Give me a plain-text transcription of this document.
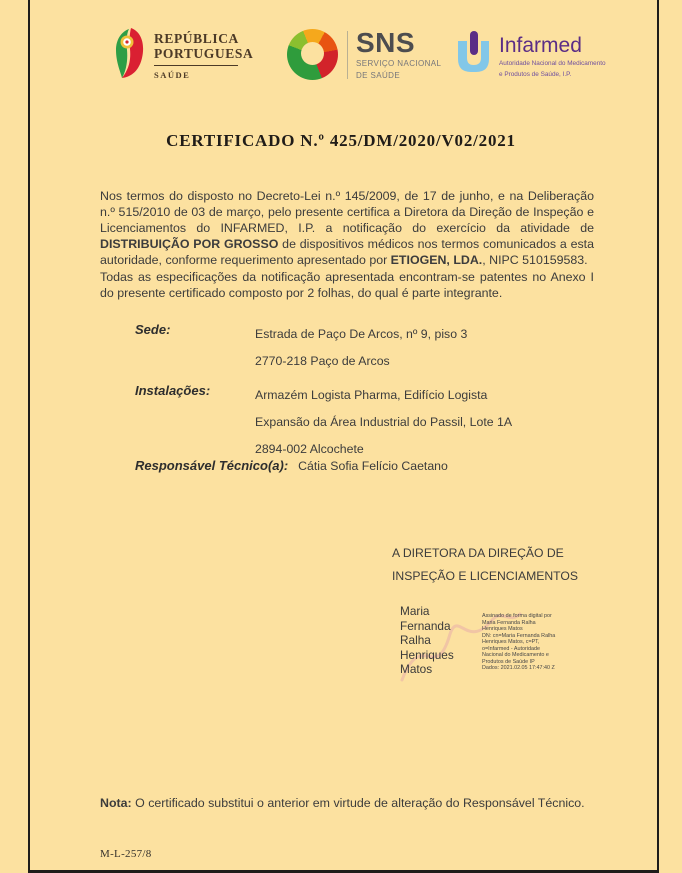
REPÚBLICA
PORTUGUESA
SAÚDE
SNS
SERVIÇO NACIONAL
DE SAÚDE
Infarmed
Autoridade Nacional do Medicamento
e Produtos de Saúde, I.P.
CERTIFICADO N.º 425/DM/2020/V02/2021
Nos termos do disposto no Decreto-Lei n.º 145/2009, de 17 de junho, e na Deliberação n.º 515/2010 de 03 de março, pelo presente certifica a Diretora da Direção de Inspeção e Licenciamentos do INFARMED, I.P. a notificação do exercício da atividade de DISTRIBUIÇÃO POR GROSSO de dispositivos médicos nos termos comunicados a esta autoridade, conforme requerimento apresentado por ETIOGEN, LDA., NIPC 510159583.
Todas as especificações da notificação apresentada encontram-se patentes no Anexo I do presente certificado composto por 2 folhas, do qual é parte integrante.
Sede:	Estrada de Paço De Arcos, nº 9, piso 3
2770-218 Paço de Arcos
Instalações:	Armazém Logista Pharma, Edifício Logista
Expansão da Área Industrial do Passil, Lote 1A
2894-002 Alcochete
Responsável Técnico(a): Cátia Sofia Felício Caetano
A DIRETORA DA DIREÇÃO DE
INSPEÇÃO E LICENCIAMENTOS
Maria
Fernanda
Ralha
Henriques
Matos
Assinado de forma digital por
Maria Fernanda Ralha
Henriques Matos
DN: cn=Maria Fernanda Ralha
Henriques Matos, c=PT,
o=Infarmed - Autoridade
Nacional do Medicamento e
Produtos de Saúde IP
Dados: 2021.02.05 17:47:40 Z
Nota: O certificado substitui o anterior em virtude de alteração do Responsável Técnico.
M-L-257/8
